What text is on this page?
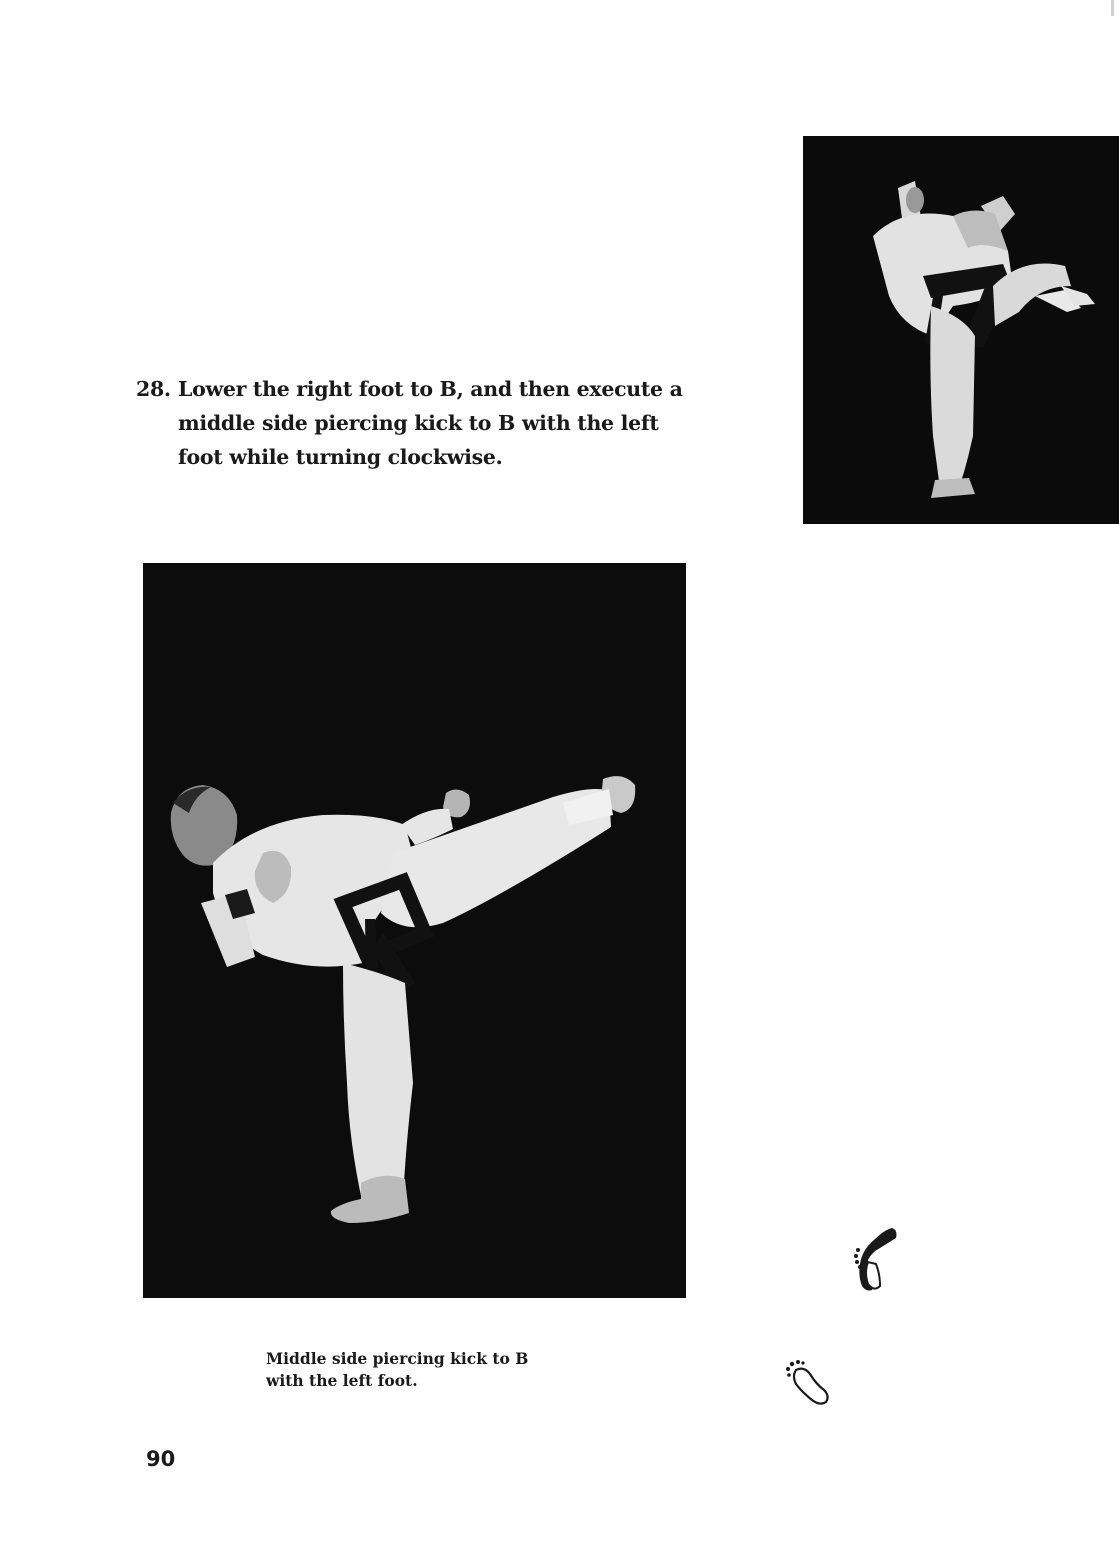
28. Lower the right foot to B, and then execute a middle side piercing kick to B with the left foot while turning clockwise.
Middle side piercing kick to B
with the left foot.
90
